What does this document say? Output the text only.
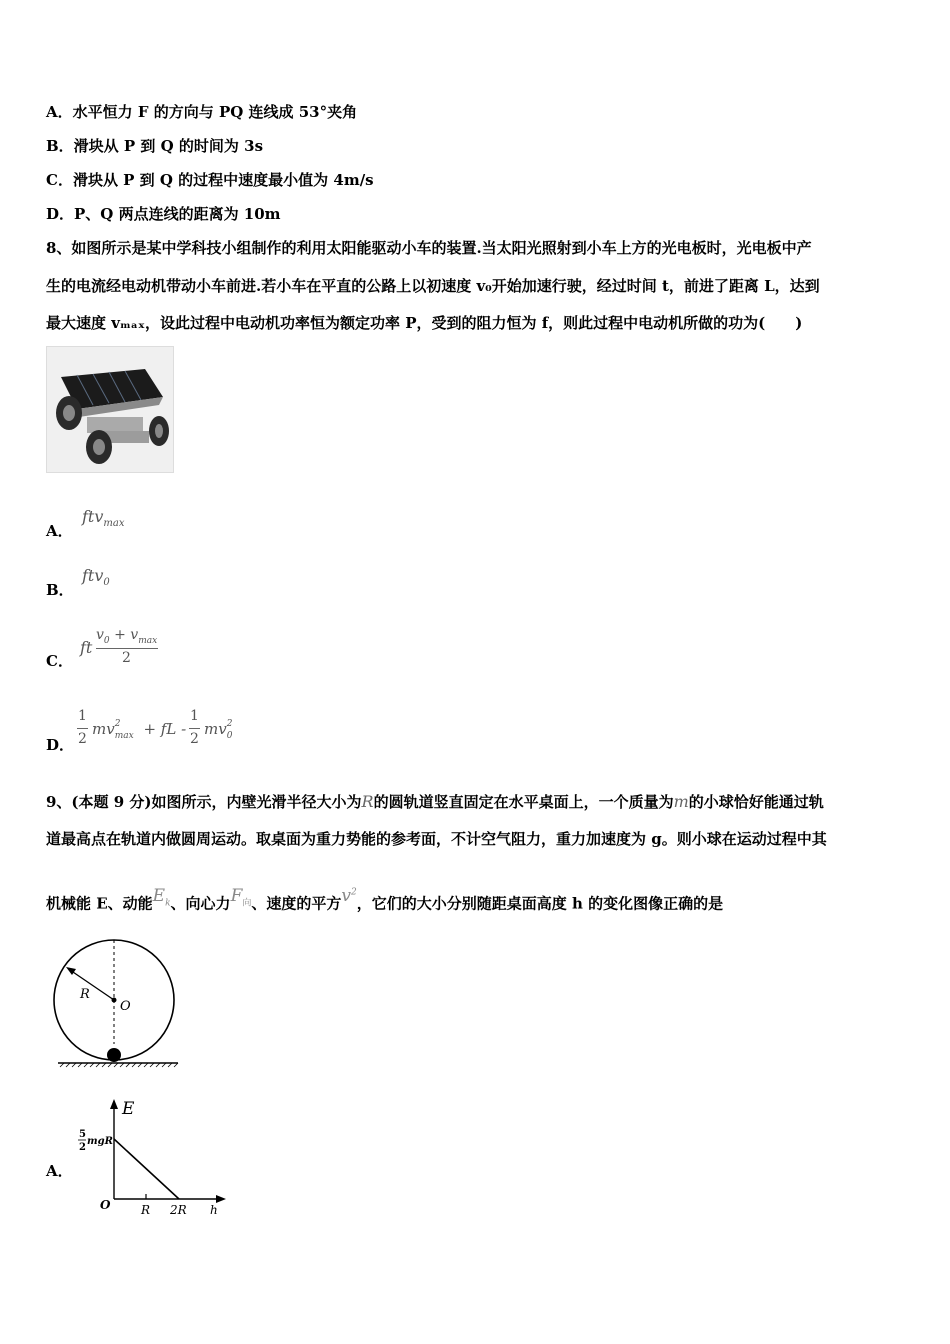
A．水平恒力 F 的方向与 PQ 连线成 53°夹角
B．滑块从 P 到 Q 的时间为 3s
C．滑块从 P 到 Q 的过程中速度最小值为 4m/s
D．P、Q 两点连线的距离为 10m
8、如图所示是某中学科技小组制作的利用太阳能驱动小车的装置.当太阳光照射到小车上方的光电板时，光电板中产
生的电流经电动机带动小车前进.若小车在平直的公路上以初速度 v₀开始加速行驶，经过时间 t，前进了距离 L，达到
最大速度 vₘₐₓ，设此过程中电动机功率恒为额定功率 P，受到的阻力恒为 f，则此过程中电动机所做的功为(　　)
A．
ftv$_{max}$
B．
ftv$_0$
C．
ft
$v_0 + v_{max}$
2
D．
1
2
mv 2
max + fL -
1
2
mv 2
0
9、(本题 9 分)如图所示，内壁光滑半径大小为R的圆轨道竖直固定在水平桌面上，一个质量为m的小球恰好能通过轨
道最高点在轨道内做圆周运动。取桌面为重力势能的参考面，不计空气阻力，重力加速度为 g。则小球在运动过程中其
机械能 E、动能$E_k$、向心力$F_向$、速度的平方$v^2$，它们的大小分别随距桌面高度 h 的变化图像正确的是
R
O
A．
E
5
2
mgR
O	R 2R h
